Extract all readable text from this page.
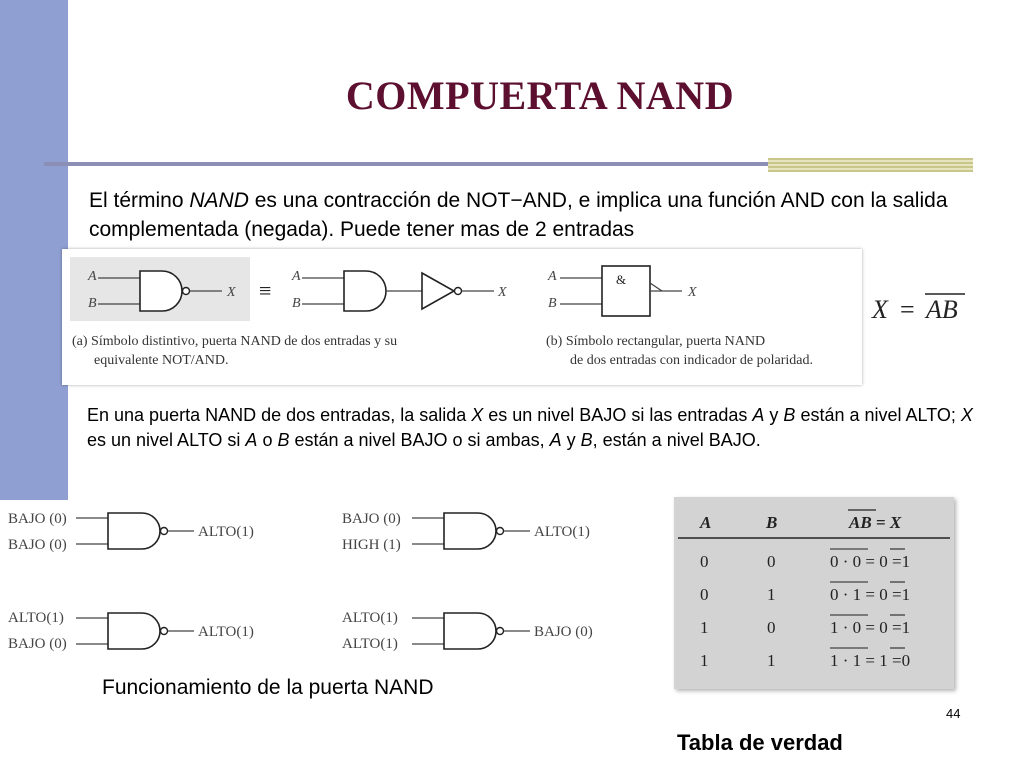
COMPUERTA NAND
El término NAND es una contracción de NOT−AND, e implica una función AND con la salida complementada (negada). Puede tener mas de 2 entradas
A
B
X ≡
A
B
X
A
B
&
X
(a) Símbolo distintivo, puerta NAND de dos entradas y su
equivalente NOT/AND.
(b) Símbolo rectangular, puerta NAND
de dos entradas con indicador de polaridad.
X = AB
En una puerta NAND de dos entradas, la salida X es un nivel BAJO si las entradas A y B están a nivel ALTO; X es un nivel ALTO si A o B están a nivel BAJO o si ambas, A y B, están a nivel BAJO.
BAJO (0)
BAJO (0)
ALTO(1)
BAJO (0)
HIGH (1)
ALTO(1)
ALTO(1)
BAJO (0)
ALTO(1)
ALTO(1)
ALTO(1)
BAJO (0)
Funcionamiento de la puerta NAND
A	B	AB = X
0	0	0 · 0 = 0 =1
0	1	0 · 1 = 0 =1
1	0	1 · 0 = 0 =1
1	1	1 · 1 = 1 =0
44
Tabla de verdad
